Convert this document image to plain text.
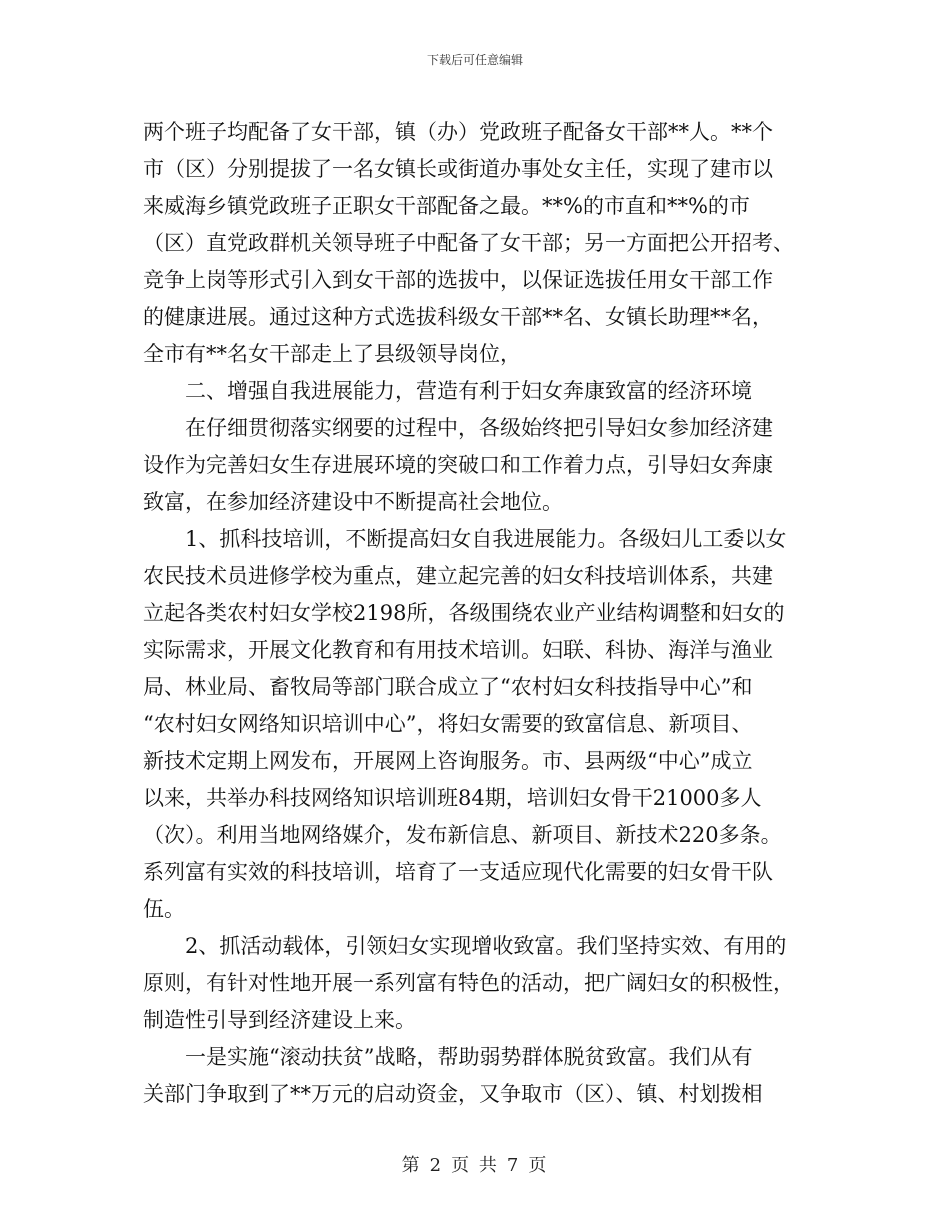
下载后可任意编辑
两个班子均配备了女干部，镇（办）党政班子配备女干部**人。**个
市（区）分别提拔了一名女镇长或街道办事处女主任，实现了建市以
来威海乡镇党政班子正职女干部配备之最。**%的市直和**%的市
（区）直党政群机关领导班子中配备了女干部；另一方面把公开招考、
竞争上岗等形式引入到女干部的选拔中，以保证选拔任用女干部工作
的健康进展。通过这种方式选拔科级女干部**名、女镇长助理**名，
全市有**名女干部走上了县级领导岗位，
　　二、增强自我进展能力，营造有利于妇女奔康致富的经济环境
　　在仔细贯彻落实纲要的过程中，各级始终把引导妇女参加经济建
设作为完善妇女生存进展环境的突破口和工作着力点，引导妇女奔康
致富，在参加经济建设中不断提高社会地位。
　　1、抓科技培训，不断提高妇女自我进展能力。各级妇儿工委以女
农民技术员进修学校为重点，建立起完善的妇女科技培训体系，共建
立起各类农村妇女学校2198所，各级围绕农业产业结构调整和妇女的
实际需求，开展文化教育和有用技术培训。妇联、科协、海洋与渔业
局、林业局、畜牧局等部门联合成立了“农村妇女科技指导中心”和
“农村妇女网络知识培训中心”，将妇女需要的致富信息、新项目、
新技术定期上网发布，开展网上咨询服务。市、县两级“中心”成立
以来，共举办科技网络知识培训班84期，培训妇女骨干21000多人
（次）。利用当地网络媒介，发布新信息、新项目、新技术220多条。
系列富有实效的科技培训，培育了一支适应现代化需要的妇女骨干队
伍。
　　2、抓活动载体，引领妇女实现增收致富。我们坚持实效、有用的
原则，有针对性地开展一系列富有特色的活动，把广阔妇女的积极性，
制造性引导到经济建设上来。
　　一是实施“滚动扶贫”战略，帮助弱势群体脱贫致富。我们从有
关部门争取到了**万元的启动资金，又争取市（区）、镇、村划拨相
第 2 页 共 7 页
